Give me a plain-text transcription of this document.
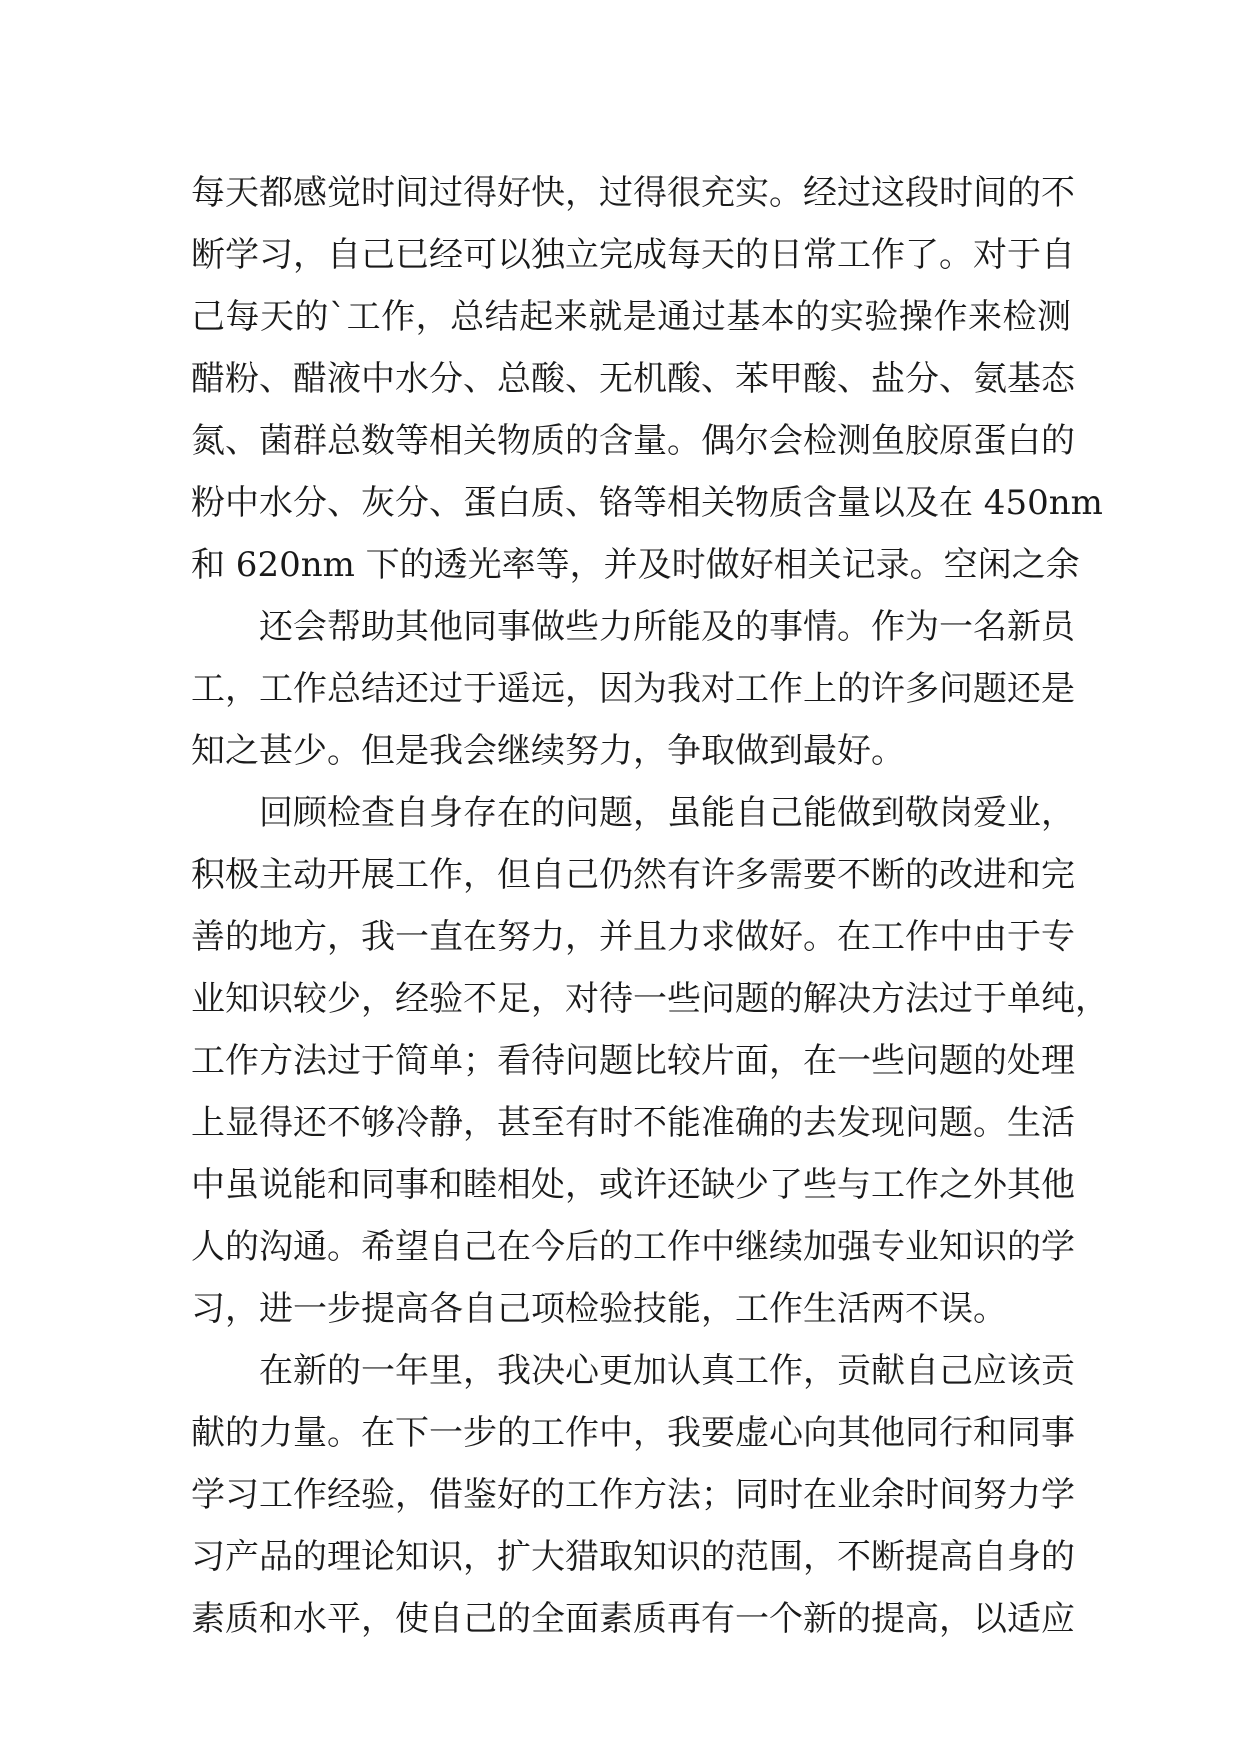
每天都感觉时间过得好快，过得很充实。经过这段时间的不
断学习，自己已经可以独立完成每天的日常工作了。对于自
己每天的`工作，总结起来就是通过基本的实验操作来检测
醋粉、醋液中水分、总酸、无机酸、苯甲酸、盐分、氨基态
氮、菌群总数等相关物质的含量。偶尔会检测鱼胶原蛋白的
粉中水分、灰分、蛋白质、铬等相关物质含量以及在 450nm
和 620nm 下的透光率等，并及时做好相关记录。空闲之余
还会帮助其他同事做些力所能及的事情。作为一名新员
工，工作总结还过于遥远，因为我对工作上的许多问题还是
知之甚少。但是我会继续努力，争取做到最好。
回顾检查自身存在的问题，虽能自己能做到敬岗爱业，
积极主动开展工作，但自己仍然有许多需要不断的改进和完
善的地方，我一直在努力，并且力求做好。在工作中由于专
业知识较少，经验不足，对待一些问题的解决方法过于单纯，
工作方法过于简单；看待问题比较片面，在一些问题的处理
上显得还不够冷静，甚至有时不能准确的去发现问题。生活
中虽说能和同事和睦相处，或许还缺少了些与工作之外其他
人的沟通。希望自己在今后的工作中继续加强专业知识的学
习，进一步提高各自己项检验技能，工作生活两不误。
在新的一年里，我决心更加认真工作，贡献自己应该贡
献的力量。在下一步的工作中，我要虚心向其他同行和同事
学习工作经验，借鉴好的工作方法；同时在业余时间努力学
习产品的理论知识，扩大猎取知识的范围，不断提高自身的
素质和水平，使自己的全面素质再有一个新的提高，以适应
